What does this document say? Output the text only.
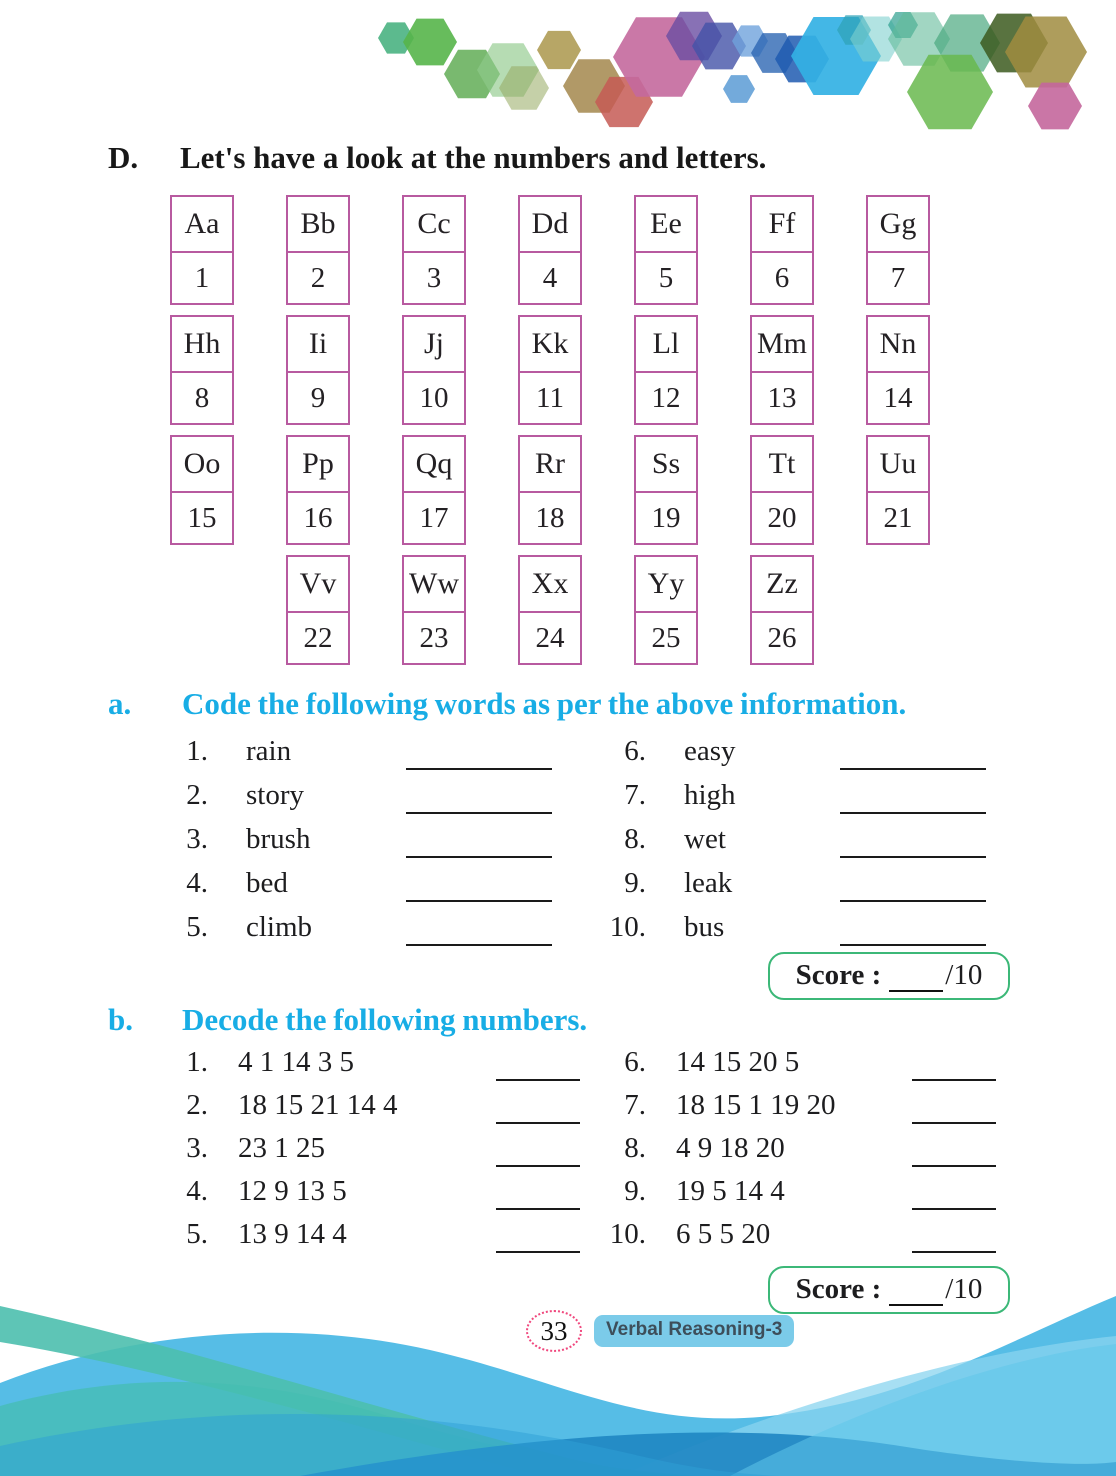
D. Let's have a look at the numbers and letters.
Aa
1
Bb
2
Cc
3
Dd
4
Ee
5
Ff
6
Gg
7
Hh
8
Ii
9
Jj
10
Kk
11
Ll
12
Mm
13
Nn
14
Oo
15
Pp
16
Qq
17
Rr
18
Ss
19
Tt
20
Uu
21
Vv
22
Ww
23
Xx
24
Yy
25
Zz
26
a.	Code the following words as per the above information.
1. rain
2. story
3. brush
4. bed
5. climb
6. easy
7. high
8. wet
9. leak
10. bus
Score : /10
b. Decode the following numbers.
1. 4 1 14 3 5
2. 18 15 21 14 4
3. 23 1 25
4. 12 9 13 5
5. 13 9 14 4
6. 14 15 20 5
7. 18 15 1 19 20
8. 4 9 18 20
9. 19 5 14 4
10. 6 5 5 20
Score : /10
33	Verbal Reasoning-3
